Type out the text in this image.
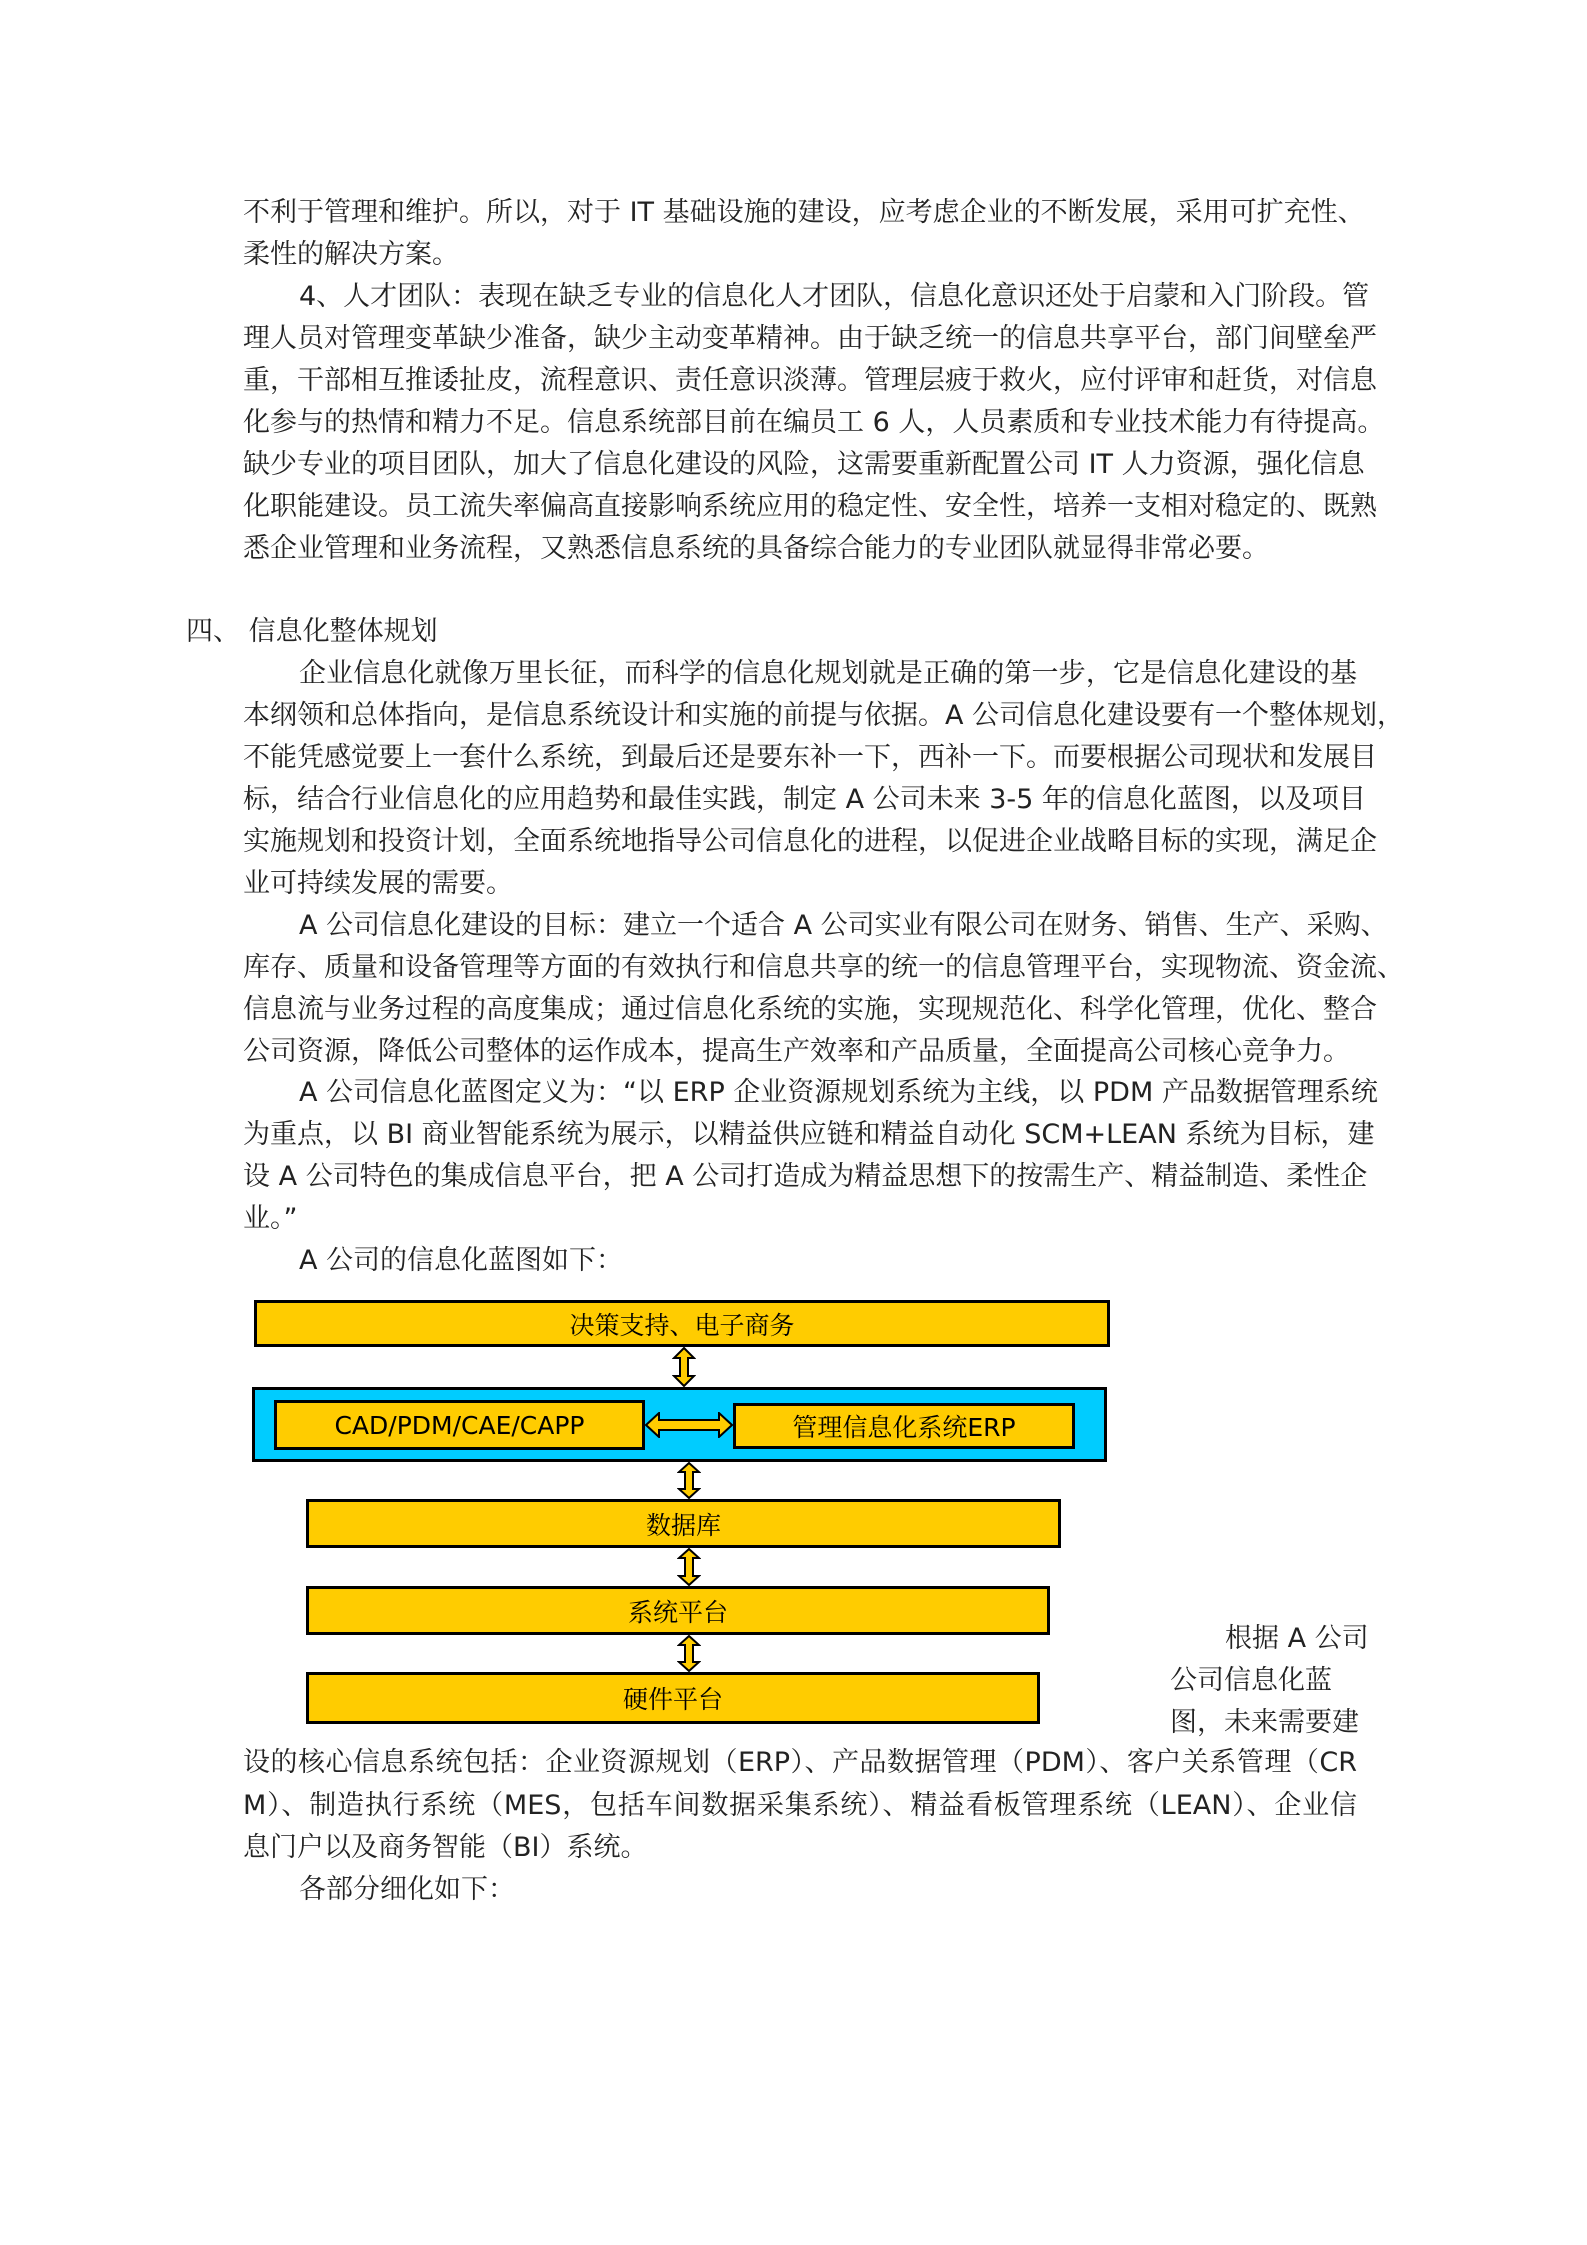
不利于管理和维护。所以，对于 IT 基础设施的建设，应考虑企业的不断发展，采用可扩充性、
柔性的解决方案。
4、人才团队：表现在缺乏专业的信息化人才团队，信息化意识还处于启蒙和入门阶段。管
理人员对管理变革缺少准备，缺少主动变革精神。由于缺乏统一的信息共享平台，部门间壁垒严
重，干部相互推诿扯皮，流程意识、责任意识淡薄。管理层疲于救火，应付评审和赶货，对信息
化参与的热情和精力不足。信息系统部目前在编员工 6 人，人员素质和专业技术能力有待提高。
缺少专业的项目团队，加大了信息化建设的风险，这需要重新配置公司 IT 人力资源，强化信息
化职能建设。员工流失率偏高直接影响系统应用的稳定性、安全性，培养一支相对稳定的、既熟
悉企业管理和业务流程，又熟悉信息系统的具备综合能力的专业团队就显得非常必要。
四、 信息化整体规划
企业信息化就像万里长征，而科学的信息化规划就是正确的第一步，它是信息化建设的基
本纲领和总体指向，是信息系统设计和实施的前提与依据。A 公司信息化建设要有一个整体规划，
不能凭感觉要上一套什么系统，到最后还是要东补一下，西补一下。而要根据公司现状和发展目
标，结合行业信息化的应用趋势和最佳实践，制定 A 公司未来 3-5 年的信息化蓝图，以及项目
实施规划和投资计划，全面系统地指导公司信息化的进程，以促进企业战略目标的实现，满足企
业可持续发展的需要。
A 公司信息化建设的目标：建立一个适合 A 公司实业有限公司在财务、销售、生产、采购、
库存、质量和设备管理等方面的有效执行和信息共享的统一的信息管理平台，实现物流、资金流、
信息流与业务过程的高度集成；通过信息化系统的实施，实现规范化、科学化管理，优化、整合
公司资源，降低公司整体的运作成本，提高生产效率和产品质量，全面提高公司核心竞争力。
A 公司信息化蓝图定义为：“以 ERP 企业资源规划系统为主线，以 PDM 产品数据管理系统
为重点，以 BI 商业智能系统为展示，以精益供应链和精益自动化 SCM+LEAN 系统为目标，建
设 A 公司特色的集成信息平台，把 A 公司打造成为精益思想下的按需生产、精益制造、柔性企
业。”
A 公司的信息化蓝图如下：
设的核心信息系统包括：企业资源规划（ERP）、产品数据管理（PDM）、客户关系管理（CR
M）、制造执行系统（MES，包括车间数据采集系统）、精益看板管理系统（LEAN）、企业信
息门户以及商务智能（BI）系统。
各部分细化如下：
决策支持、电子商务
CAD/PDM/CAE/CAPP	管理信息化系统ERP
数据库
系统平台
硬件平台
根据 A 公司
公司信息化蓝
图，未来需要建
